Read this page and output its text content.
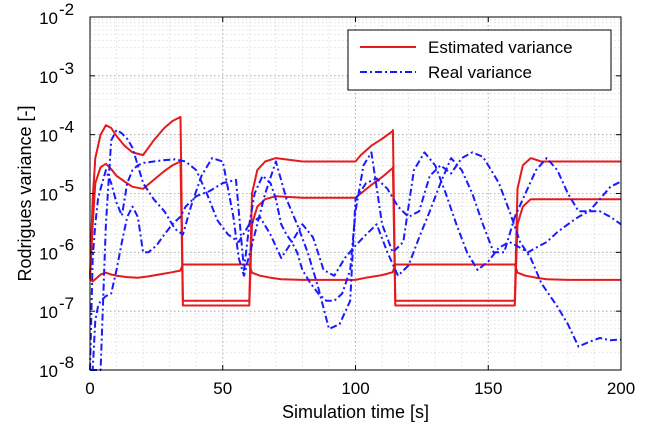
0	50	100	150	200
10 -8
10 -7
10 -6
10 -5
10 -4
10 -3
10 -2
Simulation time [s]
Rodrigues variance [-]
Estimated variance
Real variance
